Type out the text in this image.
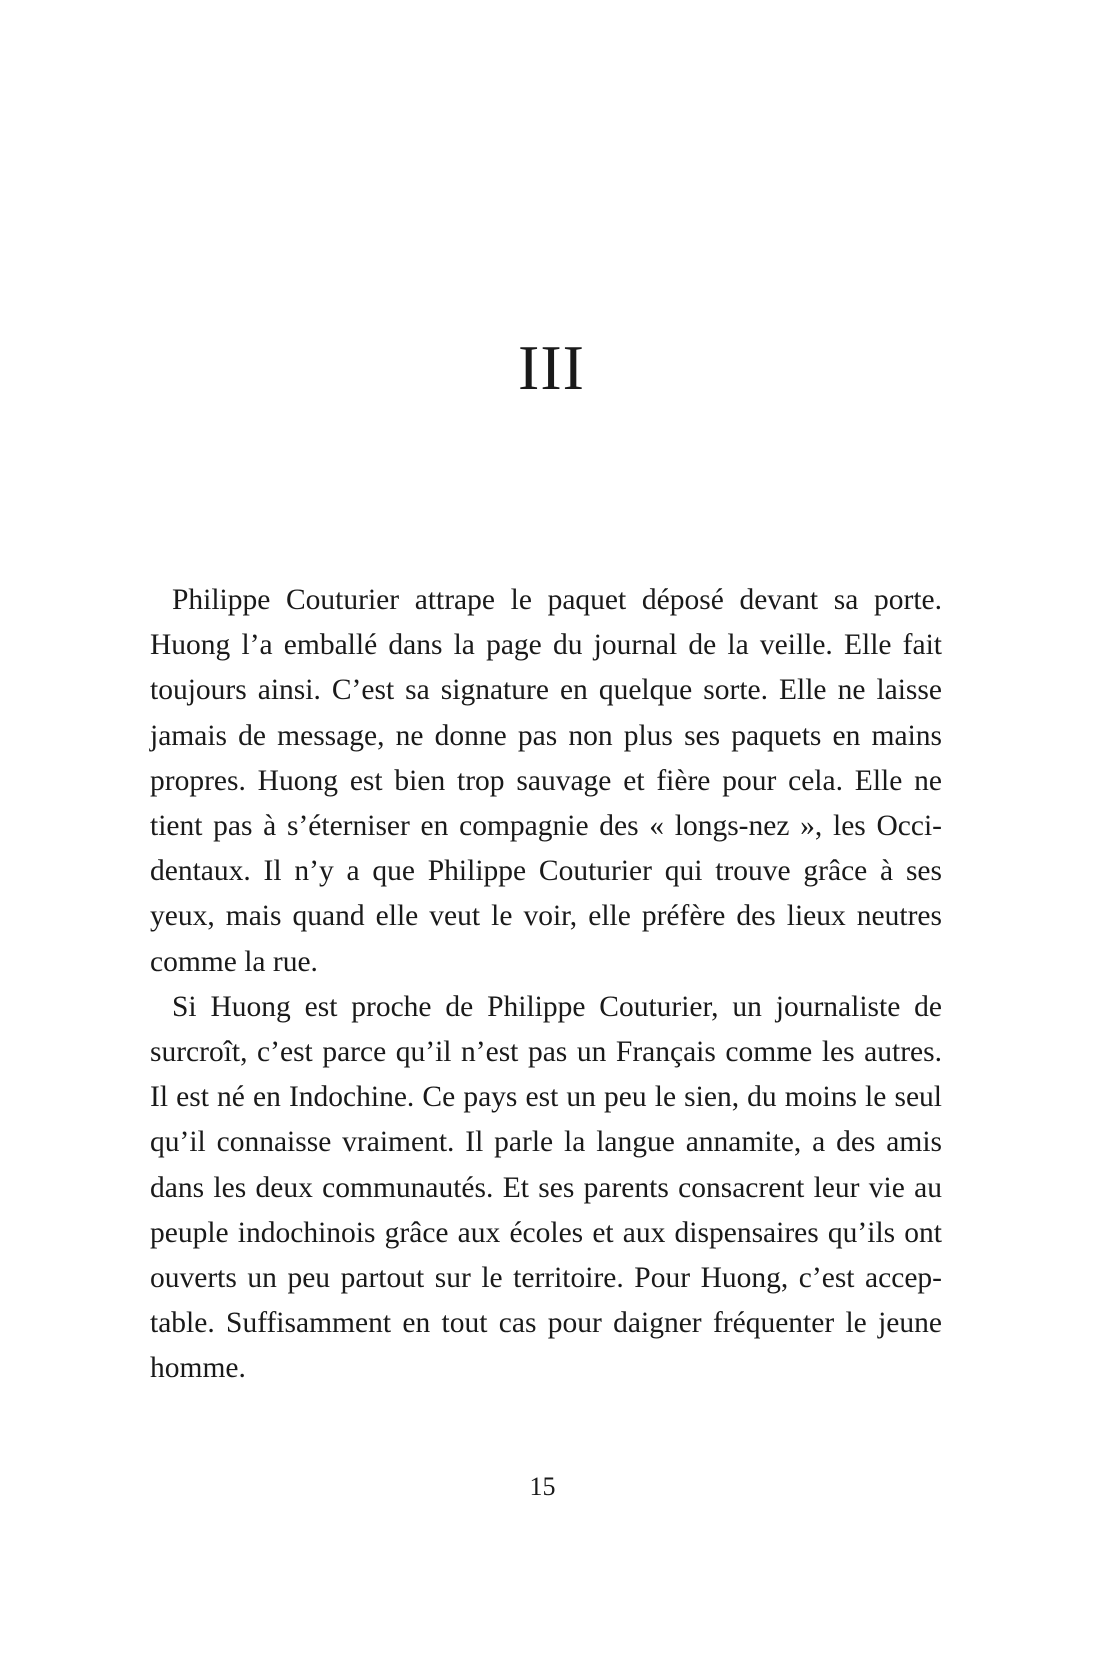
III

Philippe Couturier attrape le paquet déposé devant sa porte.
Huong l’a emballé dans la page du journal de la veille. Elle fait
toujours ainsi. C’est sa signature en quelque sorte. Elle ne laisse
jamais de message, ne donne pas non plus ses paquets en mains
propres. Huong est bien trop sauvage et fière pour cela. Elle ne
tient pas à s’éterniser en compagnie des « longs-nez », les Occi-
dentaux. Il n’y a que Philippe Couturier qui trouve grâce à ses
yeux, mais quand elle veut le voir, elle préfère des lieux neutres
comme la rue.

Si Huong est proche de Philippe Couturier, un journaliste de
surcroît, c’est parce qu’il n’est pas un Français comme les autres.
Il est né en Indochine. Ce pays est un peu le sien, du moins le seul
qu’il connaisse vraiment. Il parle la langue annamite, a des amis
dans les deux communautés. Et ses parents consacrent leur vie au
peuple indochinois grâce aux écoles et aux dispensaires qu’ils ont
ouverts un peu partout sur le territoire. Pour Huong, c’est accep-
table. Suffisamment en tout cas pour daigner fréquenter le jeune
homme.

15
